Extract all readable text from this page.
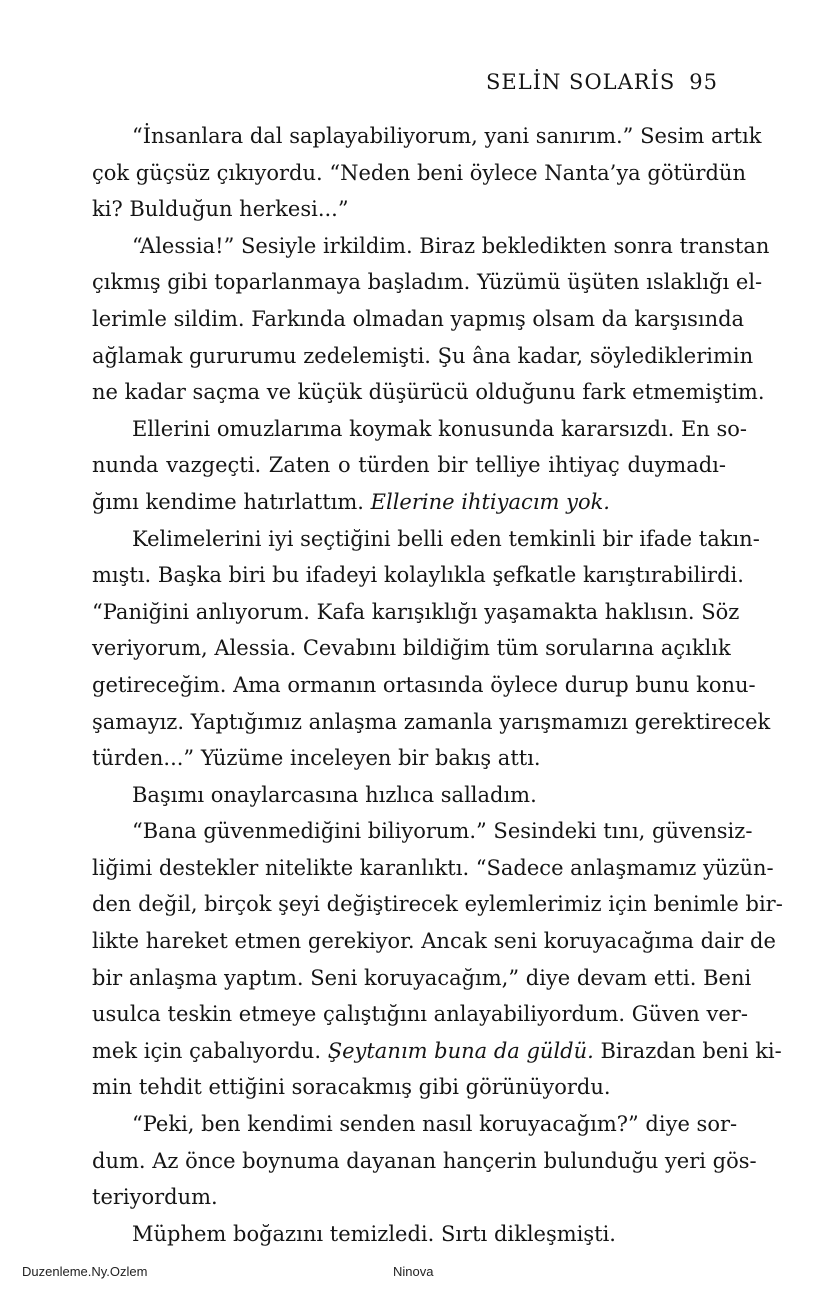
SELİN SOLARİS 95
“İnsanlara dal saplayabiliyorum, yani sanırım.” Sesim artık
çok güçsüz çıkıyordu. “Neden beni öylece Nanta’ya götürdün
ki? Bulduğun herkesi...”
“Alessia!” Sesiyle irkildim. Biraz bekledikten sonra transtan
çıkmış gibi toparlanmaya başladım. Yüzümü üşüten ıslaklığı el-
lerimle sildim. Farkında olmadan yapmış olsam da karşısında
ağlamak gururumu zedelemişti. Şu âna kadar, söylediklerimin
ne kadar saçma ve küçük düşürücü olduğunu fark etmemiştim.
Ellerini omuzlarıma koymak konusunda kararsızdı. En so-
nunda vazgeçti. Zaten o türden bir telliye ihtiyaç duymadı-
ğımı kendime hatırlattım. Ellerine ihtiyacım yok.
Kelimelerini iyi seçtiğini belli eden temkinli bir ifade takın-
mıştı. Başka biri bu ifadeyi kolaylıkla şefkatle karıştırabilirdi.
“Paniğini anlıyorum. Kafa karışıklığı yaşamakta haklısın. Söz
veriyorum, Alessia. Cevabını bildiğim tüm sorularına açıklık
getireceğim. Ama ormanın ortasında öylece durup bunu konu-
şamayız. Yaptığımız anlaşma zamanla yarışmamızı gerektirecek
türden...” Yüzüme inceleyen bir bakış attı.
Başımı onaylarcasına hızlıca salladım.
“Bana güvenmediğini biliyorum.” Sesindeki tını, güvensiz-
liğimi destekler nitelikte karanlıktı. “Sadece anlaşmamız yüzün-
den değil, birçok şeyi değiştirecek eylemlerimiz için benimle bir-
likte hareket etmen gerekiyor. Ancak seni koruyacağıma dair de
bir anlaşma yaptım. Seni koruyacağım,” diye devam etti. Beni
usulca teskin etmeye çalıştığını anlayabiliyordum. Güven ver-
mek için çabalıyordu. Şeytanım buna da güldü. Birazdan beni ki-
min tehdit ettiğini soracakmış gibi görünüyordu.
“Peki, ben kendimi senden nasıl koruyacağım?” diye sor-
dum. Az önce boynuma dayanan hançerin bulunduğu yeri gös-
teriyordum.
Müphem boğazını temizledi. Sırtı dikleşmişti.
Duzenleme.Ny.Ozlem	Ninova
